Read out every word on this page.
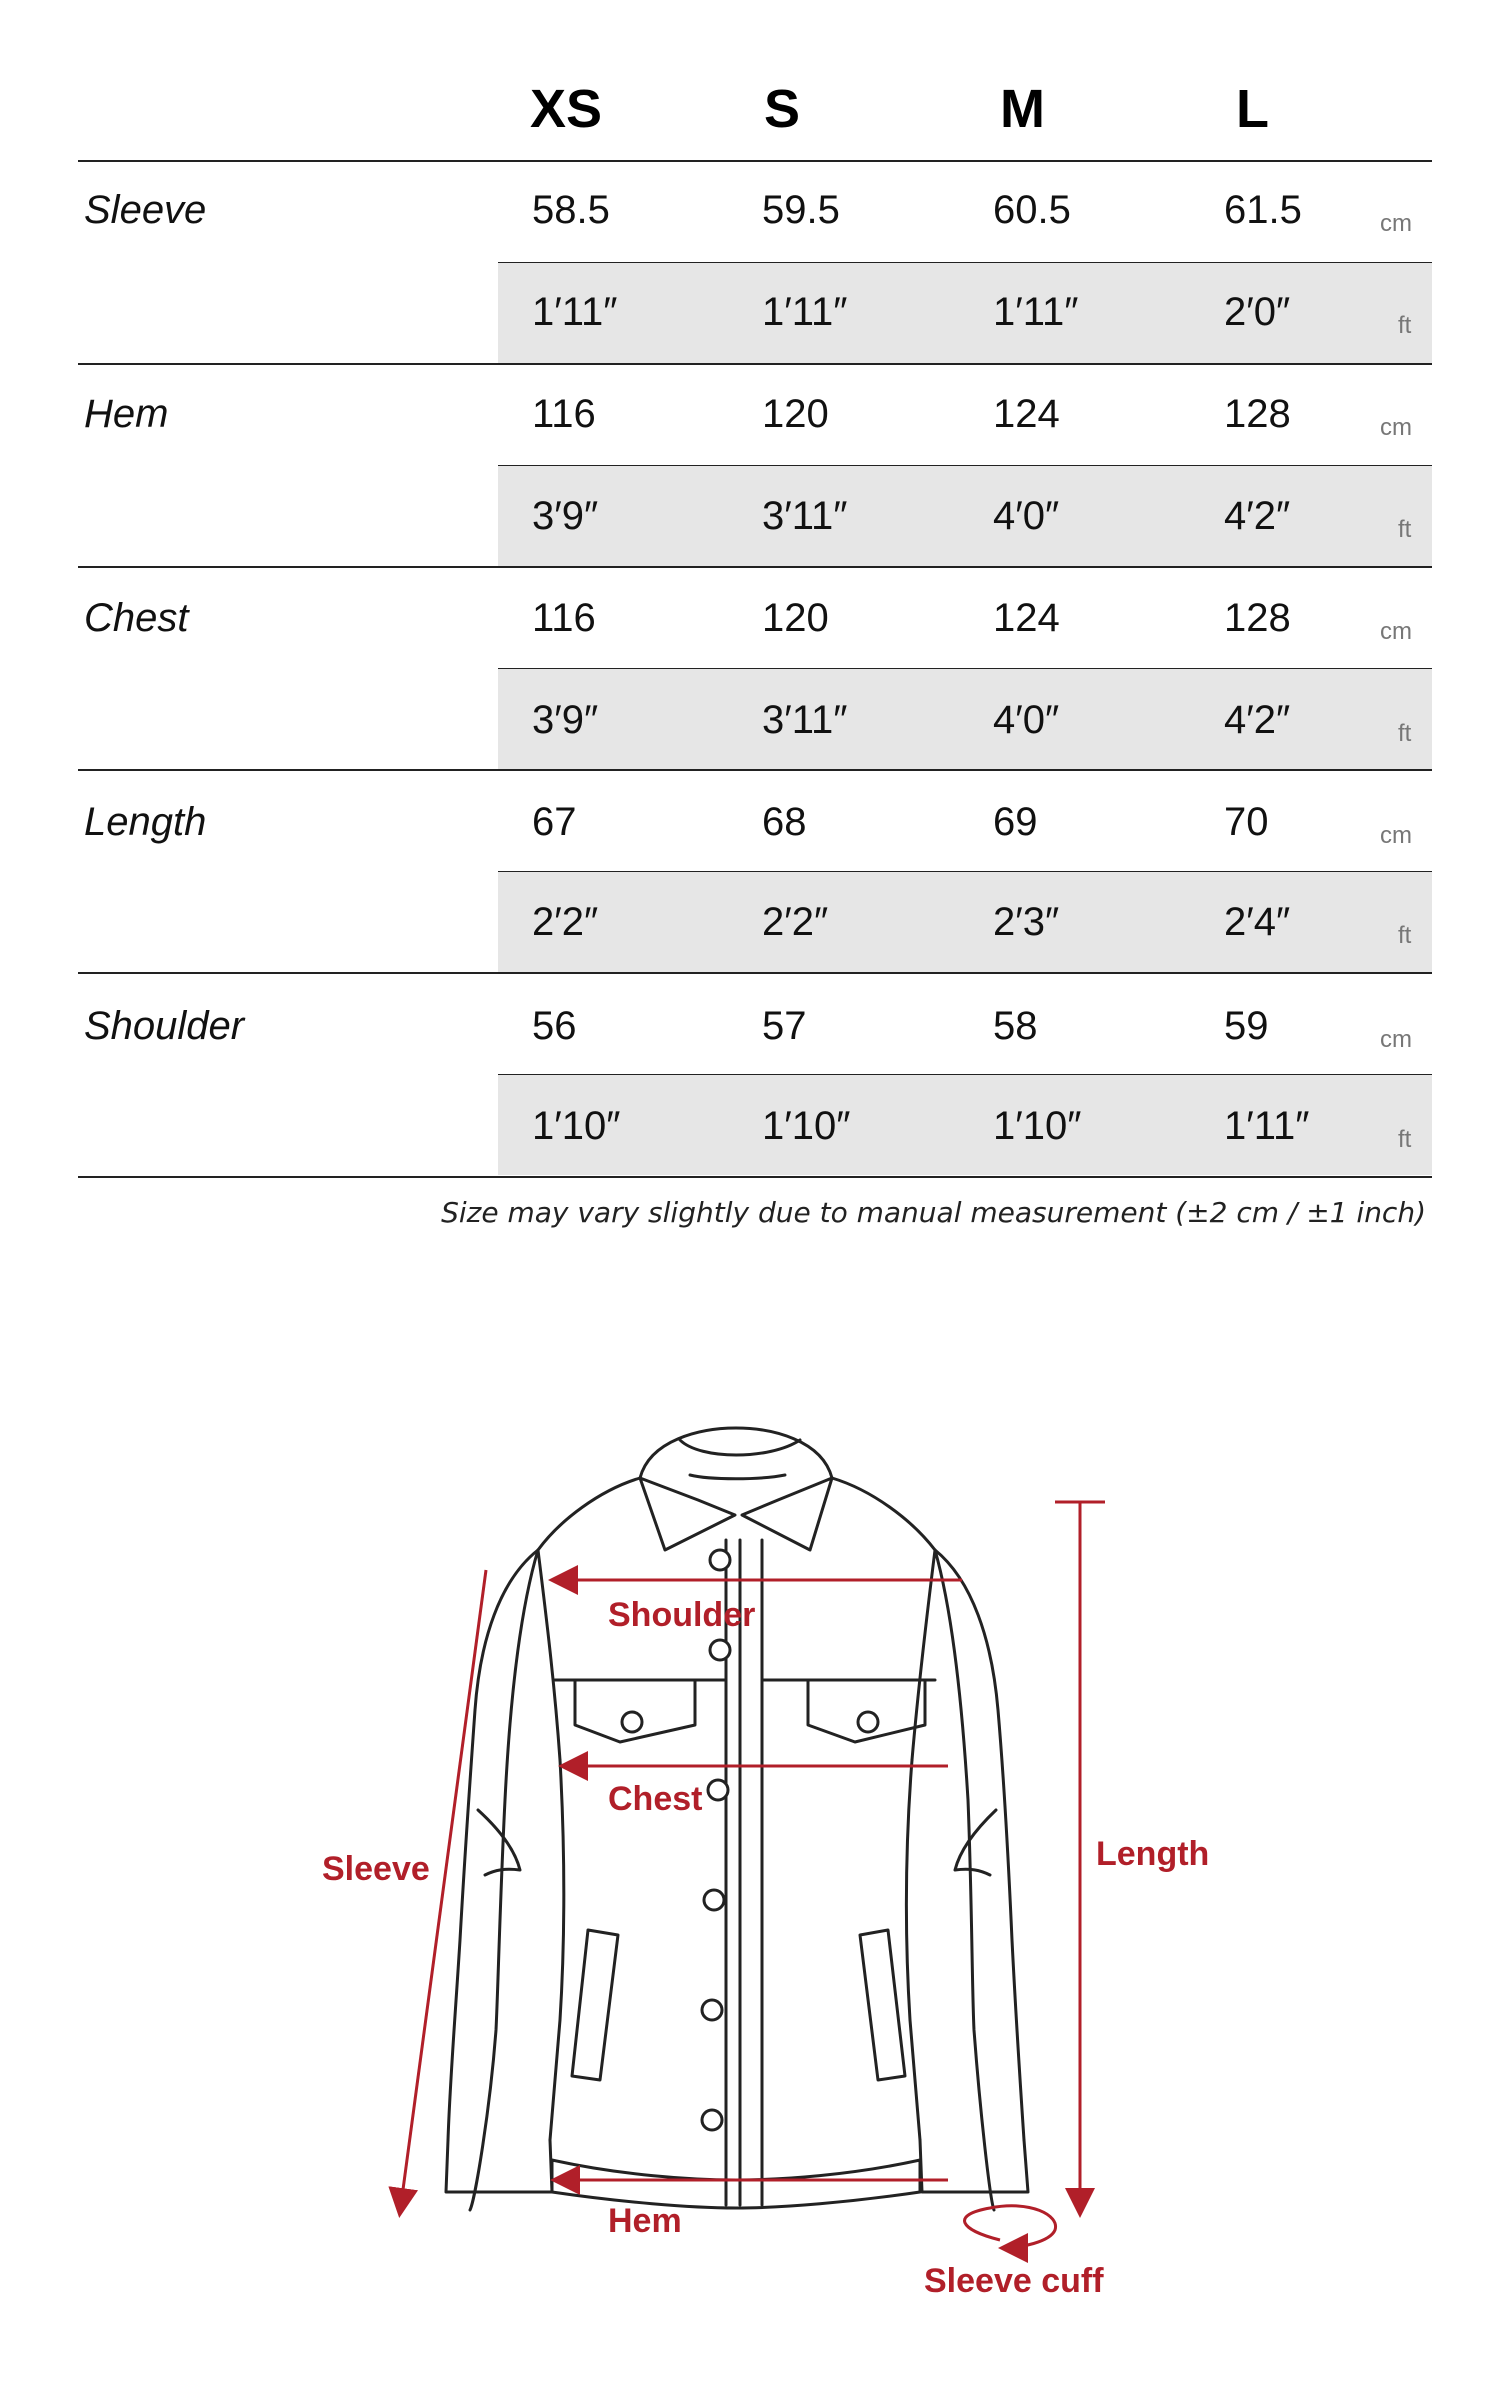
XS	S	M	L
Sleeve	58.5	59.5	60.5	61.5	cm
1′11″	1′11″	1′11″	2′0″	ft
Hem	116	120	124	128	cm
3′9″	3′11″	4′0″	4′2″	ft
Chest	116	120	124	128	cm
3′9″	3′11″	4′0″	4′2″	ft
Length	67	68	69	70	cm
2′2″	2′2″	2′3″	2′4″	ft
Shoulder	56	57	58	59	cm
1′10″	1′10″	1′10″	1′11″	ft
Size may vary slightly due to manual measurement (±2 cm / ±1 inch)
Shoulder
Chest
Sleeve	Length
Hem
Sleeve cuff
